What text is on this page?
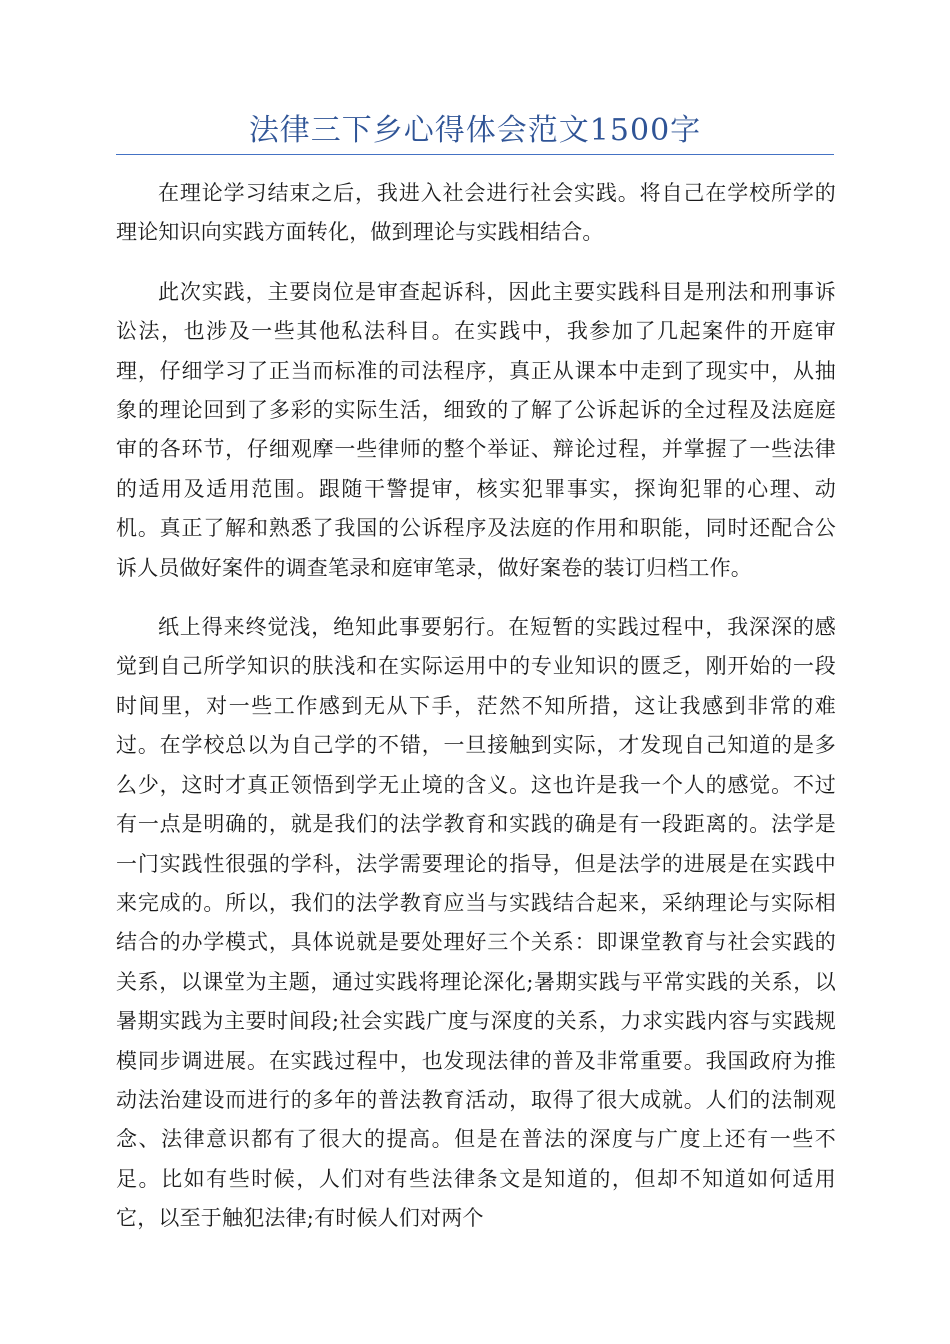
法律三下乡心得体会范文1500字

在理论学习结束之后，我进入社会进行社会实践。将自己在学校所学的理论知识向实践方面转化，做到理论与实践相结合。

此次实践，主要岗位是审查起诉科，因此主要实践科目是刑法和刑事诉讼法，也涉及一些其他私法科目。在实践中，我参加了几起案件的开庭审理，仔细学习了正当而标准的司法程序，真正从课本中走到了现实中，从抽象的理论回到了多彩的实际生活，细致的了解了公诉起诉的全过程及法庭庭审的各环节，仔细观摩一些律师的整个举证、辩论过程，并掌握了一些法律的适用及适用范围。跟随干警提审，核实犯罪事实，探询犯罪的心理、动机。真正了解和熟悉了我国的公诉程序及法庭的作用和职能，同时还配合公诉人员做好案件的调查笔录和庭审笔录，做好案卷的装订归档工作。

纸上得来终觉浅，绝知此事要躬行。在短暂的实践过程中，我深深的感觉到自己所学知识的肤浅和在实际运用中的专业知识的匮乏，刚开始的一段时间里，对一些工作感到无从下手，茫然不知所措，这让我感到非常的难过。在学校总以为自己学的不错，一旦接触到实际，才发现自己知道的是多么少，这时才真正领悟到学无止境的含义。这也许是我一个人的感觉。不过有一点是明确的，就是我们的法学教育和实践的确是有一段距离的。法学是一门实践性很强的学科，法学需要理论的指导，但是法学的进展是在实践中来完成的。所以，我们的法学教育应当与实践结合起来，采纳理论与实际相结合的办学模式，具体说就是要处理好三个关系：即课堂教育与社会实践的关系，以课堂为主题，通过实践将理论深化;暑期实践与平常实践的关系，以暑期实践为主要时间段;社会实践广度与深度的关系，力求实践内容与实践规模同步调进展。在实践过程中，也发现法律的普及非常重要。我国政府为推动法治建设而进行的多年的普法教育活动，取得了很大成就。人们的法制观念、法律意识都有了很大的提高。但是在普法的深度与广度上还有一些不足。比如有些时候，人们对有些法律条文是知道的，但却不知道如何适用它，以至于触犯法律;有时候人们对两个
